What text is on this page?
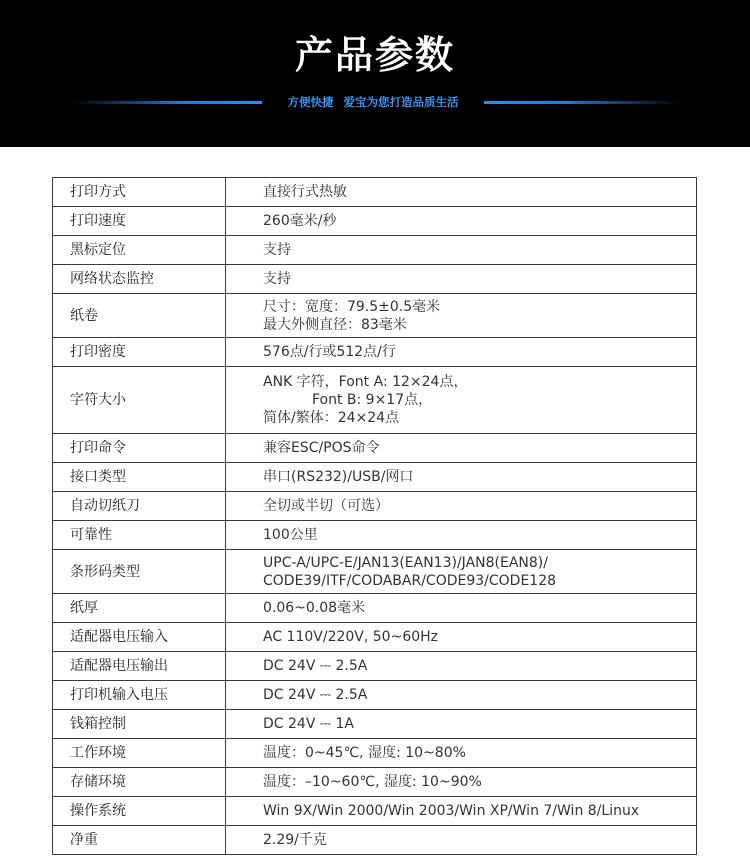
产品参数
方便快捷 爱宝为您打造品质生活
打印方式	直接行式热敏

打印速度	260毫米/秒

黑标定位	支持

网络状态监控	支持

纸卷	尺寸：宽度：79.5±0.5毫米
最大外侧直径：83毫米

打印密度	576点/行或512点/行

字符大小	ANK 字符，Font A: 12×24点，
Font B: 9×17点，
简体/繁体：24×24点

打印命令	兼容ESC/POS命令

接口类型	串口(RS232)/USB/网口

自动切纸刀	全切或半切（可选）

可靠性	100公里

条形码类型	UPC-A/UPC-E/JAN13(EAN13)/JAN8(EAN8)/
CODE39/ITF/CODABAR/CODE93/CODE128

纸厚	0.06~0.08毫米

适配器电压输入	AC 110V/220V, 50~60Hz

适配器电压输出	DC 24V ⎓ 2.5A

打印机输入电压	DC 24V ⎓ 2.5A

钱箱控制	DC 24V ⎓ 1A

工作环境	温度：0~45℃, 湿度: 10~80%

存储环境	温度：–10~60℃, 湿度: 10~90%

操作系统	Win 9X/Win 2000/Win 2003/Win XP/Win 7/Win 8/Linux

净重	2.29/千克
